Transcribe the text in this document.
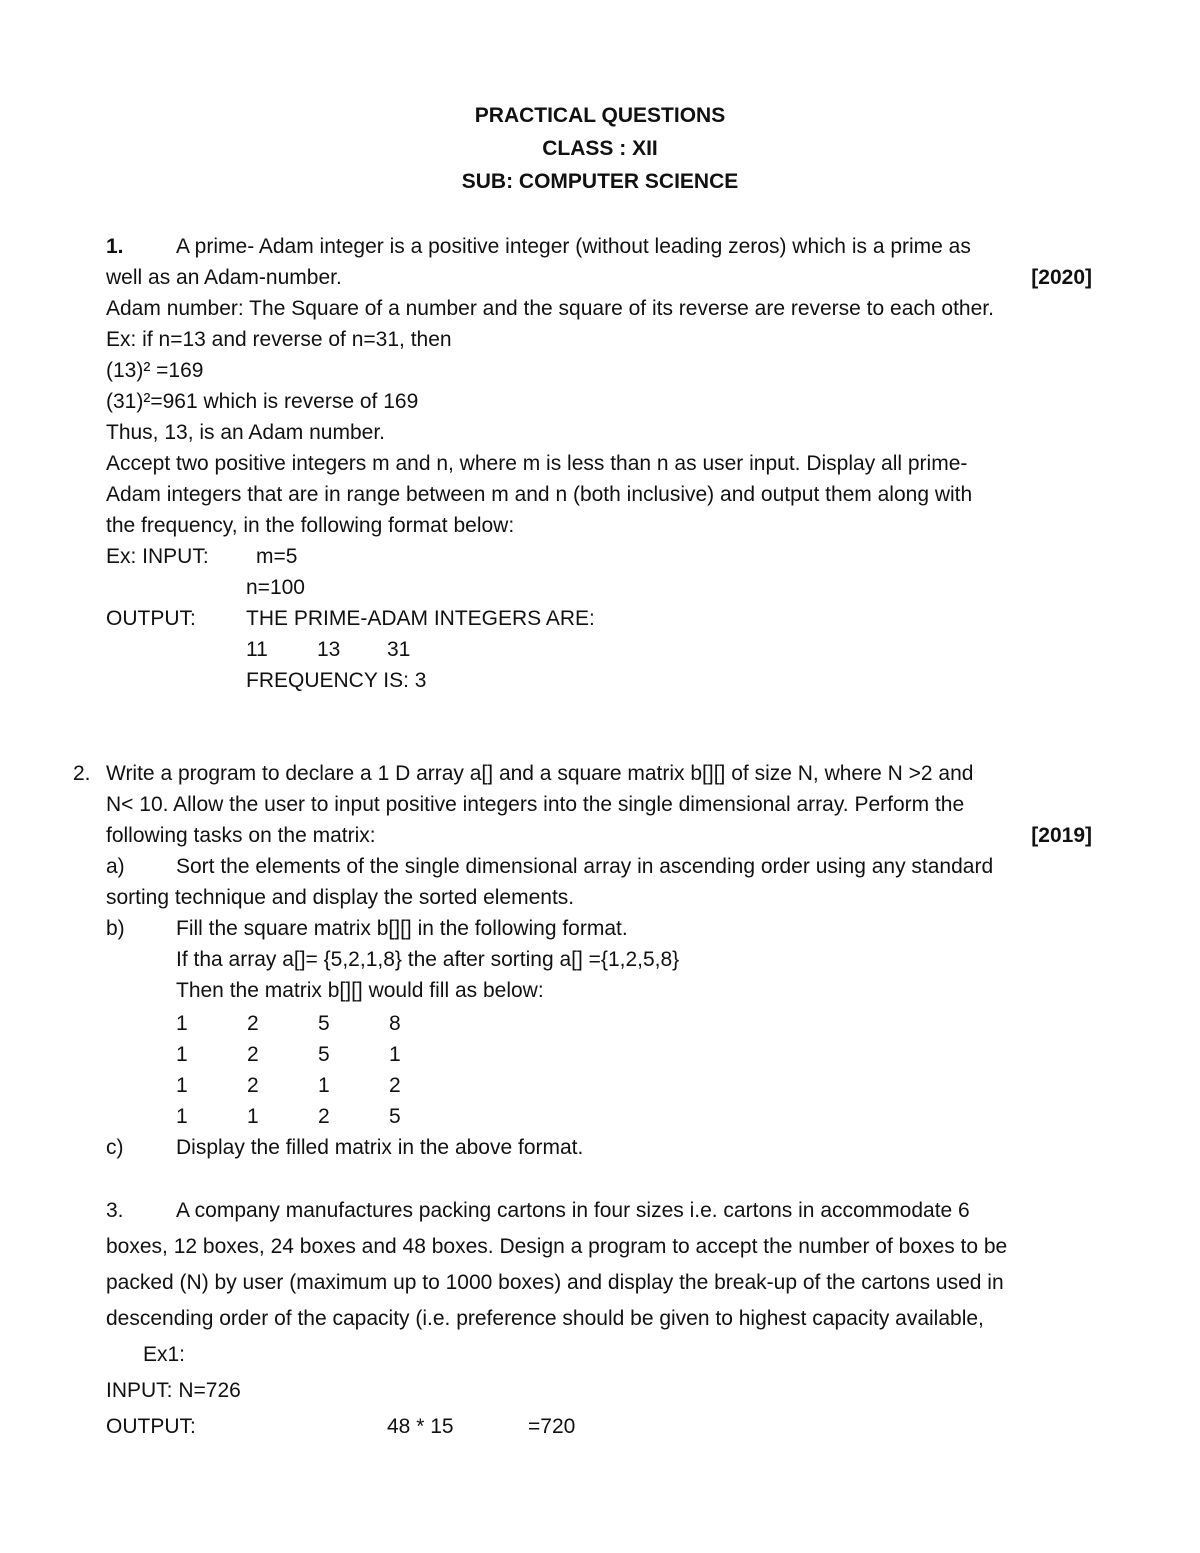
PRACTICAL QUESTIONS
CLASS : XII
SUB: COMPUTER SCIENCE
1. A prime- Adam integer is a positive integer (without leading zeros) which is a prime as
well as an Adam-number.	[2020]
Adam number: The Square of a number and the square of its reverse are reverse to each other.
Ex: if n=13 and reverse of n=31, then
(13)² =169
(31)²=961 which is reverse of 169
Thus, 13, is an Adam number.
Accept two positive integers m and n, where m is less than n as user input. Display all prime-
Adam integers that are in range between m and n (both inclusive) and output them along with
the frequency, in the following format below:
Ex: INPUT: m=5
n=100
OUTPUT: THE PRIME-ADAM INTEGERS ARE:
11 13 31
FREQUENCY IS: 3
2. Write a program to declare a 1 D array a[] and a square matrix b[][] of size N, where N >2 and
N< 10. Allow the user to input positive integers into the single dimensional array. Perform the
following tasks on the matrix:	[2019]
a) Sort the elements of the single dimensional array in ascending order using any standard
sorting technique and display the sorted elements.
b) Fill the square matrix b[][] in the following format.
If tha array a[]= {5,2,1,8} the after sorting a[] ={1,2,5,8}
Then the matrix b[][] would fill as below:
1	2	5	8
1	2	5	1
1	2	1	2
1	1	2	5
c)	Display the filled matrix in the above format.
3. A company manufactures packing cartons in four sizes i.e. cartons in accommodate 6
boxes, 12 boxes, 24 boxes and 48 boxes. Design a program to accept the number of boxes to be
packed (N) by user (maximum up to 1000 boxes) and display the break-up of the cartons used in
descending order of the capacity (i.e. preference should be given to highest capacity available,
Ex1:
INPUT: N=726
OUTPUT:	48 * 15	=720
